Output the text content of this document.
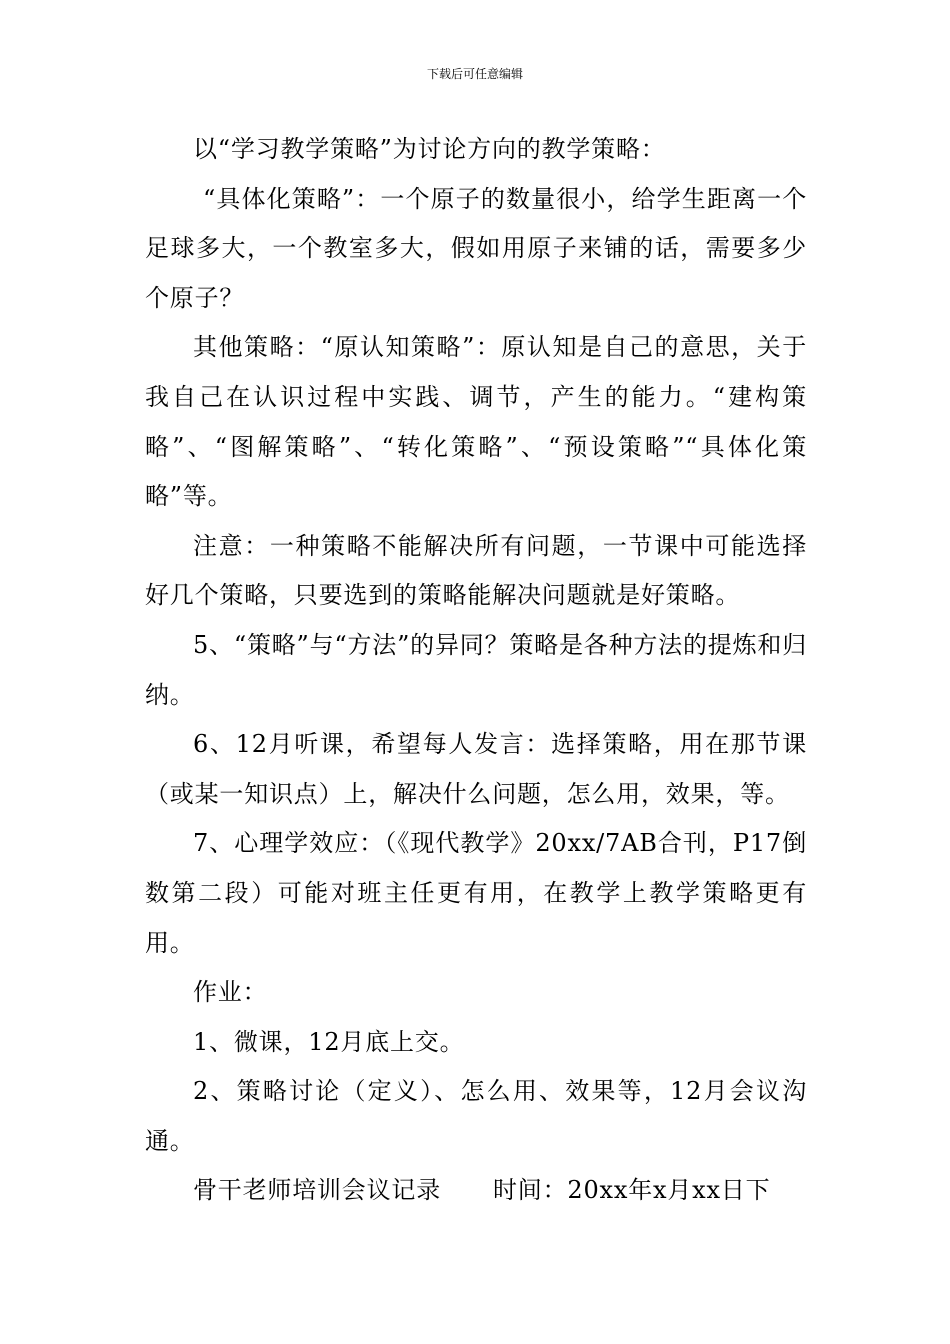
下载后可任意编辑

以“学习教学策略”为讨论方向的教学策略：

“具体化策略”：一个原子的数量很小，给学生距离一个足球多大，一个教室多大，假如用原子来铺的话，需要多少个原子？

其他策略：“原认知策略”：原认知是自己的意思，关于我自己在认识过程中实践、调节，产生的能力。“建构策略”、“图解策略”、“转化策略”、“预设策略”“具体化策略”等。

注意：一种策略不能解决所有问题，一节课中可能选择好几个策略，只要选到的策略能解决问题就是好策略。

5、“策略”与“方法”的异同？策略是各种方法的提炼和归纳。

6、12月听课，希望每人发言：选择策略，用在那节课（或某一知识点）上，解决什么问题，怎么用，效果，等。

7、心理学效应：（《现代教学》20xx/7AB合刊，P17倒数第二段）可能对班主任更有用，在教学上教学策略更有用。

作业：

1、微课，12月底上交。

2、策略讨论（定义）、怎么用、效果等，12月会议沟通。

骨干老师培训会议记录 时间：20xx年x月xx日下
